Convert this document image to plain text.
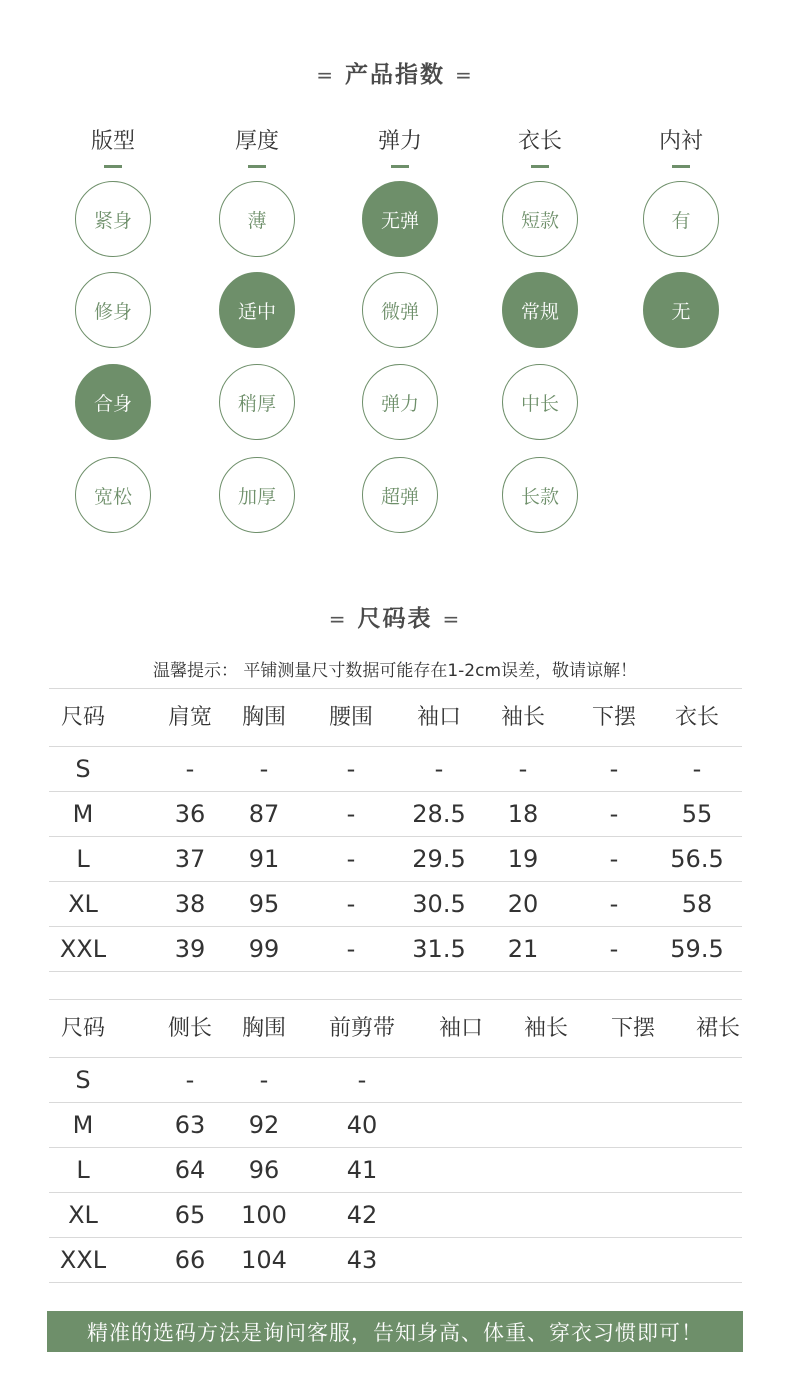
= 产品指数 =
版型	厚度	弹力	衣长	内衬
紧身
修身
合身
宽松
薄
适中
稍厚
加厚
无弹
微弹
弹力
超弹
短款
常规
中长
长款
有
无
= 尺码表 =
温馨提示： 平铺测量尺寸数据可能存在1-2cm误差，敬请谅解！
尺码	肩宽 胸围 腰围 袖口 袖长 下摆 衣长
S	-	-	-	-	-	-	-
M	36 87	- 28.5 18	-	55
L	37 91	- 29.5 19	- 56.5
XL	38 95	- 30.5 20	-	58
XXL	39 99	- 31.5 21	- 59.5
尺码	侧长 胸围 前剪带 袖口 袖长 下摆 裙长
S	-	-	-
M	63 92	40
L	64 96	41
XL	65 100 42
XXL	66 104 43
精准的选码方法是询问客服，告知身高、体重、穿衣习惯即可！
